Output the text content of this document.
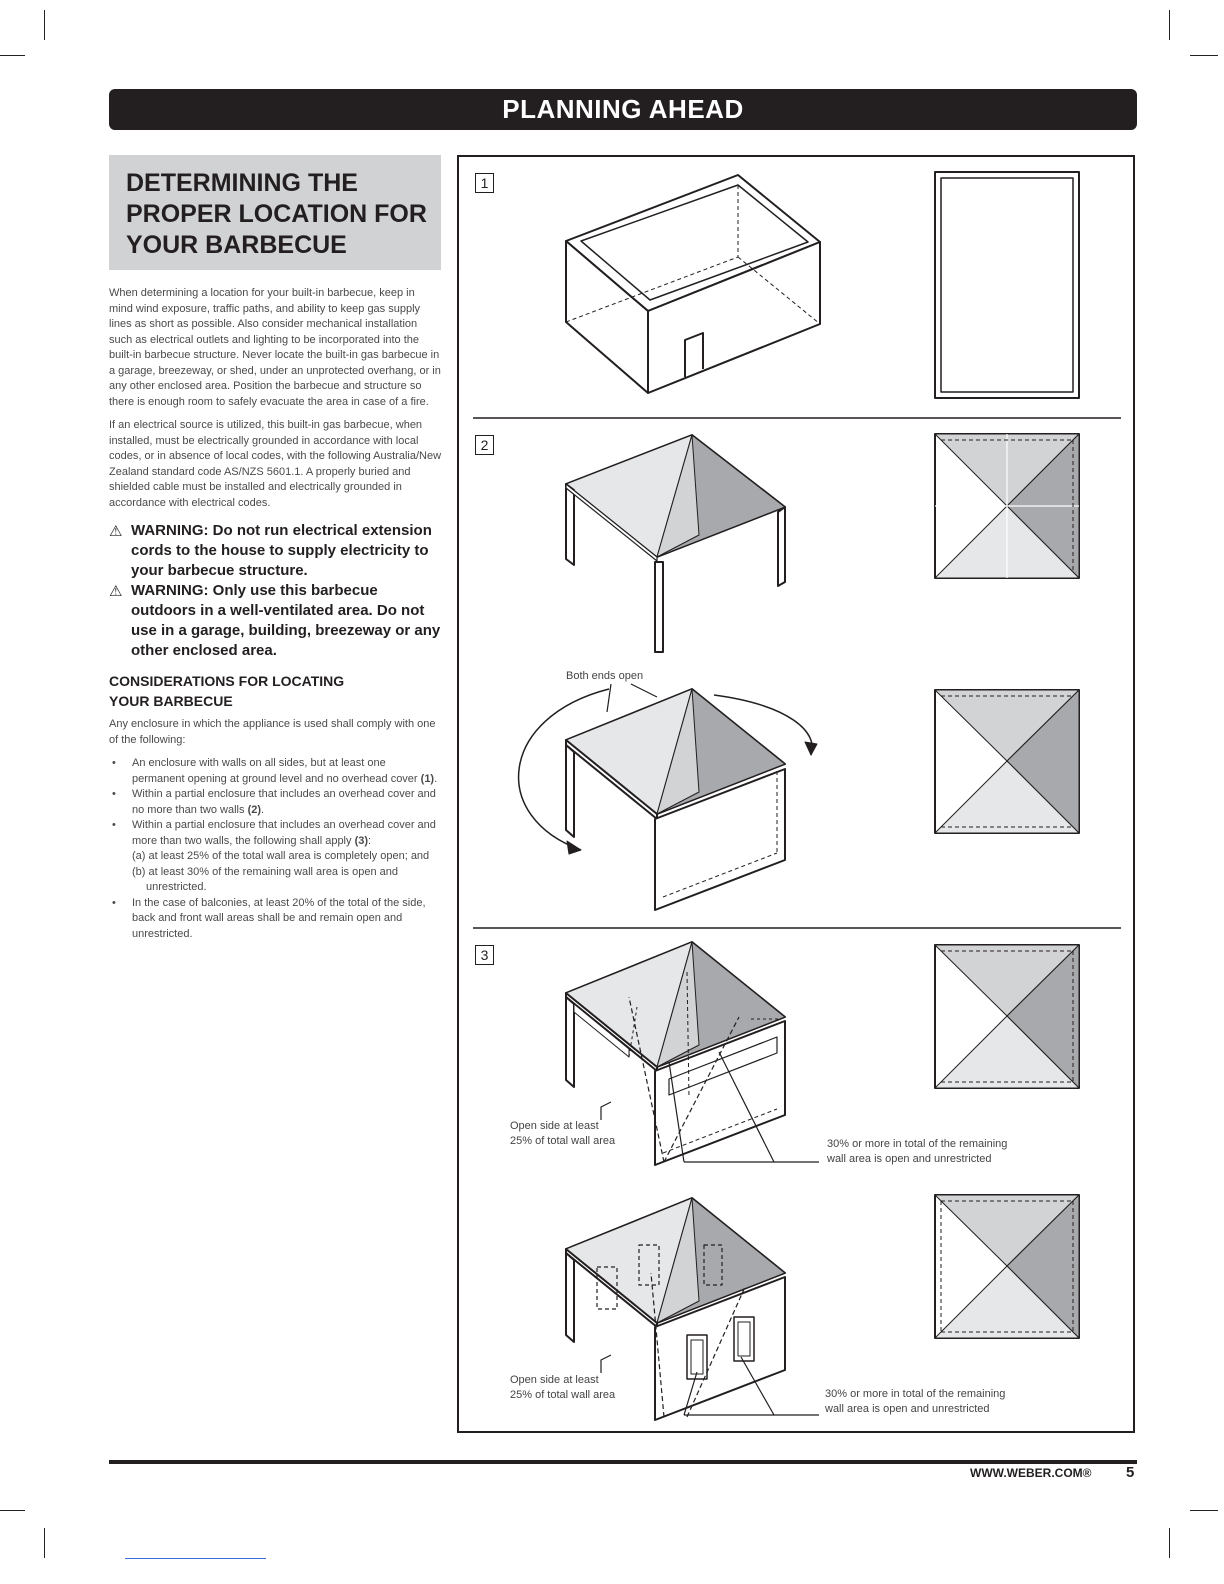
PLANNING AHEAD
DETERMINING THE PROPER LOCATION FOR YOUR BARBECUE

When determining a location for your built-in barbecue, keep in mind wind exposure, traffic paths, and ability to keep gas supply lines as short as possible. Also consider mechanical installation such as electrical outlets and lighting to be incorporated into the built-in barbecue structure. Never locate the built-in gas barbecue in a garage, breezeway, or shed, under an unprotected overhang, or in any other enclosed area. Position the barbecue and structure so there is enough room to safely evacuate the area in case of a fire.

If an electrical source is utilized, this built-in gas barbecue, when installed, must be electrically grounded in accordance with local codes, or in absence of local codes, with the following Australia/New Zealand standard code AS/NZS 5601.1. A properly buried and shielded cable must be installed and electrically grounded in accordance with electrical codes.

⚠ WARNING: Do not run electrical extension cords to the house to supply electricity to your barbecue structure.

⚠ WARNING: Only use this barbecue outdoors in a well-ventilated area. Do not use in a garage, building, breezeway or any other enclosed area.

CONSIDERATIONS FOR LOCATING
YOUR BARBECUE

Any enclosure in which the appliance is used shall comply with one of the following:

• An enclosure with walls on all sides, but at least one permanent opening at ground level and no overhead cover (1).
• Within a partial enclosure that includes an overhead cover and no more than two walls (2).
• Within a partial enclosure that includes an overhead cover and more than two walls, the following shall apply (3):
(a) at least 25% of the total wall area is completely open; and
(b) at least 30% of the remaining wall area is open and unrestricted.
• In the case of balconies, at least 20% of the total of the side, back and front wall areas shall be and remain open and unrestricted.
1
2
3
Both ends open
Open side at least
25% of total wall area	30% or more in total of the remaining
wall area is open and unrestricted
Open side at least
25% of total wall area	30% or more in total of the remaining
wall area is open and unrestricted
WWW.WEBER.COM® 5
